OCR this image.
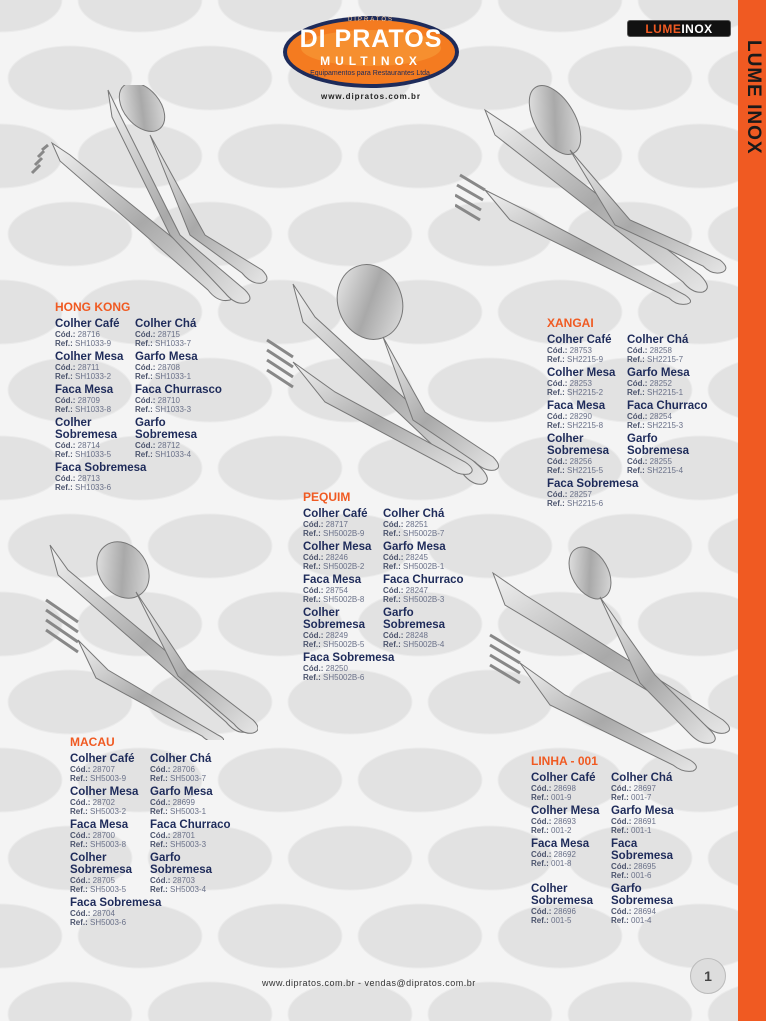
LUME INOX
LUME INOX
DIPRATOS
DI PRATOS
MULTINOX
Equipamentos para Restaurantes Ltda.
www.dipratos.com.br
HONG KONG
Colher Café
Cód.: 28716
Ref.: SH1033-9
Colher Chá
Cód.: 28715
Ref.: SH1033-7
Colher Mesa
Cód.: 28711
Ref.: SH1033-2
Garfo Mesa
Cód.: 28708
Ref.: SH1033-1
Faca Mesa
Cód.: 28709
Ref.: SH1033-8
Faca Churrasco
Cód.: 28710
Ref.: SH1033-3
Colher Sobremesa
Cód.: 28714
Ref.: SH1033-5
Garfo Sobremesa
Cód.: 28712
Ref.: SH1033-4
Faca Sobremesa
Cód.: 28713
Ref.: SH1033-6
XANGAI
Colher Café
Cód.: 28753
Ref.: SH2215-9
Colher Chá
Cód.: 28258
Ref.: SH2215-7
Colher Mesa
Cód.: 28253
Ref.: SH2215-2
Garfo Mesa
Cód.: 28252
Ref.: SH2215-1
Faca Mesa
Cód.: 28290
Ref.: SH2215-8
Faca Churraco
Cód.: 28254
Ref.: SH2215-3
Colher Sobremesa
Cód.: 28256
Ref.: SH2215-5
Garfo Sobremesa
Cód.: 28255
Ref.: SH2215-4
Faca Sobremesa
Cód.: 28257
Ref.: SH2215-6
PEQUIM
Colher Café
Cód.: 28717
Ref.: SH5002B-9
Colher Chá
Cód.: 28251
Ref.: SH5002B-7
Colher Mesa
Cód.: 28246
Ref.: SH5002B-2
Garfo Mesa
Cód.: 28245
Ref.: SH5002B-1
Faca Mesa
Cód.: 28754
Ref.: SH5002B-8
Faca Churraco
Cód.: 28247
Ref.: SH5002B-3
Colher Sobremesa
Cód.: 28249
Ref.: SH5002B-5
Garfo Sobremesa
Cód.: 28248
Ref.: SH5002B-4
Faca Sobremesa
Cód.: 28250
Ref.: SH5002B-6
MACAU
Colher Café
Cód.: 28707
Ref.: SH5003-9
Colher Chá
Cód.: 28706
Ref.: SH5003-7
Colher Mesa
Cód.: 28702
Ref.: SH5003-2
Garfo Mesa
Cód.: 28699
Ref.: SH5003-1
Faca Mesa
Cód.: 28700
Ref.: SH5003-8
Faca Churraco
Cód.: 28701
Ref.: SH5003-3
Colher Sobremesa
Cód.: 28705
Ref.: SH5003-5
Garfo Sobremesa
Cód.: 28703
Ref.: SH5003-4
Faca Sobremesa
Cód.: 28704
Ref.: SH5003-6
LINHA - 001
Colher Café
Cód.: 28698
Ref.: 001-9
Colher Chá
Cód.: 28697
Ref.: 001-7
Colher Mesa
Cód.: 28693
Ref.: 001-2
Garfo Mesa
Cód.: 28691
Ref.: 001-1
Faca Mesa
Cód.: 28692
Ref.: 001-8
Faca Sobremesa
Cód.: 28695
Ref.: 001-6
Colher Sobremesa
Cód.: 28696
Ref.: 001-5
Garfo Sobremesa
Cód.: 28694
Ref.: 001-4
www.dipratos.com.br - vendas@dipratos.com.br	1
